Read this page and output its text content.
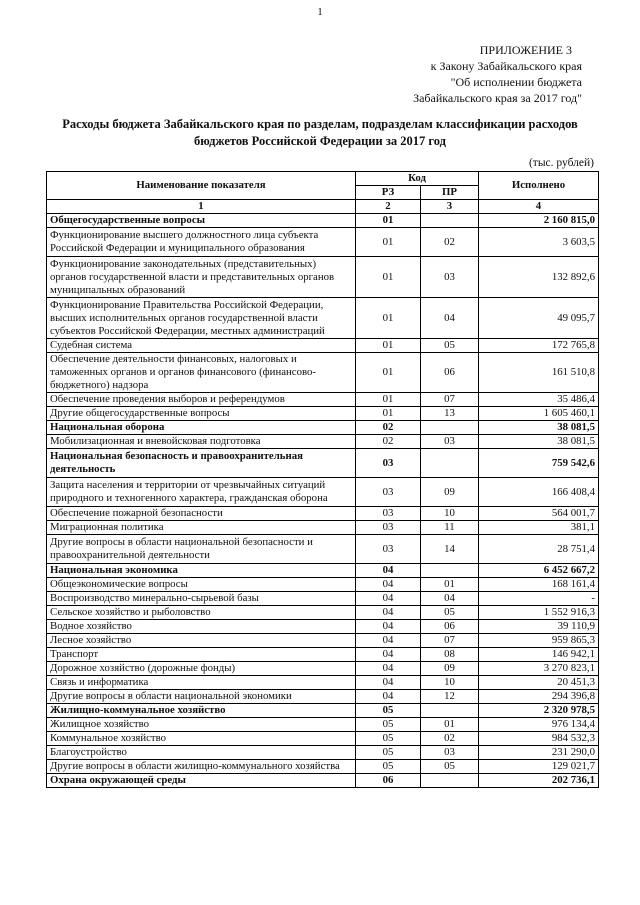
1
ПРИЛОЖЕНИЕ 3
к Закону Забайкальского края
"Об исполнении бюджета
Забайкальского края за 2017 год"
Расходы бюджета Забайкальского края по разделам, подразделам классификации расходов
бюджетов Российской Федерации за 2017 год
(тыс. рублей)
Наименование показателя	Код		Исполнено
	РЗ	ПР	
1	2	3	4
Общегосударственные вопросы	01		2 160 815,0
Функционирование высшего должностного лица субъекта Российской Федерации и муниципального образования	01	02	3 603,5
Функционирование законодательных (представительных) органов государственной власти и представительных органов муниципальных образований	01	03	132 892,6
Функционирование Правительства Российской Федерации, высших исполнительных органов государственной власти субъектов Российской Федерации, местных администраций	01	04	49 095,7
Судебная система	01	05	172 765,8
Обеспечение деятельности финансовых, налоговых и таможенных органов и органов финансового (финансово-бюджетного) надзора	01	06	161 510,8
Обеспечение проведения выборов и референдумов	01	07	35 486,4
Другие общегосударственные вопросы	01	13	1 605 460,1
Национальная оборона	02		38 081,5
Мобилизационная и вневойсковая подготовка	02	03	38 081,5
Национальная безопасность и правоохранительная деятельность	03		759 542,6
Защита населения и территории от чрезвычайных ситуаций природного и техногенного характера, гражданская оборона	03	09	166 408,4
Обеспечение пожарной безопасности	03	10	564 001,7
Миграционная политика	03	11	381,1
Другие вопросы в области национальной безопасности и правоохранительной деятельности	03	14	28 751,4
Национальная экономика	04		6 452 667,2
Общеэкономические вопросы	04	01	168 161,4
Воспроизводство минерально-сырьевой базы	04	04	-
Сельское хозяйство и рыболовство	04	05	1 552 916,3
Водное хозяйство	04	06	39 110,9
Лесное хозяйство	04	07	959 865,3
Транспорт	04	08	146 942,1
Дорожное хозяйство (дорожные фонды)	04	09	3 270 823,1
Связь и информатика	04	10	20 451,3
Другие вопросы в области национальной экономики	04	12	294 396,8
Жилищно-коммунальное хозяйство	05		2 320 978,5
Жилищное хозяйство	05	01	976 134,4
Коммунальное хозяйство	05	02	984 532,3
Благоустройство	05	03	231 290,0
Другие вопросы в области жилищно-коммунального хозяйства	05	05	129 021,7
Охрана окружающей среды	06		202 736,1
